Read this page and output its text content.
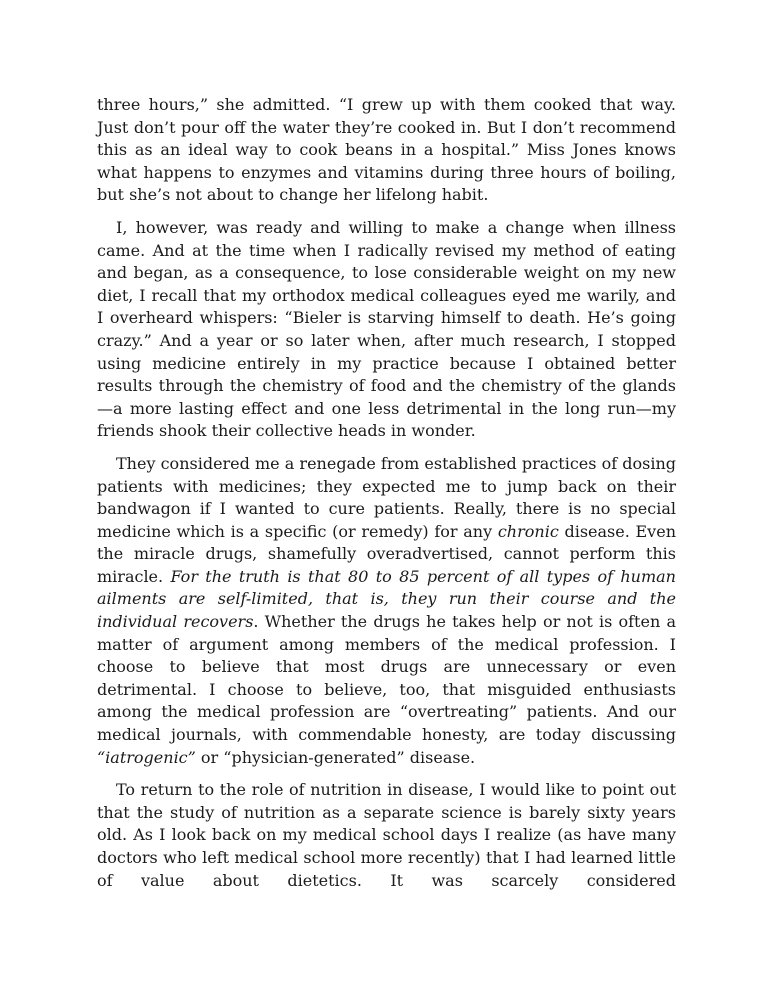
three hours,” she admitted. “I grew up with them cooked that way. Just don’t pour off the water they’re cooked in. But I don’t recommend this as an ideal way to cook beans in a hospital.” Miss Jones knows what happens to enzymes and vitamins during three hours of boiling, but she’s not about to change her lifelong habit.

I, however, was ready and willing to make a change when illness came. And at the time when I radically revised my method of eating and began, as a consequence, to lose considerable weight on my new diet, I recall that my orthodox medical colleagues eyed me warily, and I overheard whispers: “Bieler is starving himself to death. He’s going crazy.” And a year or so later when, after much research, I stopped using medicine entirely in my practice because I obtained better results through the chemistry of food and the chemistry of the glands—a more lasting effect and one less detrimental in the long run—my friends shook their collective heads in wonder.

They considered me a renegade from established practices of dosing patients with medicines; they expected me to jump back on their bandwagon if I wanted to cure patients. Really, there is no special medicine which is a specific (or remedy) for any chronic disease. Even the miracle drugs, shamefully overadvertised, cannot perform this miracle. For the truth is that 80 to 85 percent of all types of human ailments are self-limited, that is, they run their course and the individual recovers. Whether the drugs he takes help or not is often a matter of argument among members of the medical profession. I choose to believe that most drugs are unnecessary or even detrimental. I choose to believe, too, that misguided enthusiasts among the medical profession are “overtreating” patients. And our medical journals, with commendable honesty, are today discussing “iatrogenic” or “physician-generated” disease.

To return to the role of nutrition in disease, I would like to point out that the study of nutrition as a separate science is barely sixty years old. As I look back on my medical school days I realize (as have many doctors who left medical school more recently) that I had learned little of value about dietetics. It was scarcely considered
